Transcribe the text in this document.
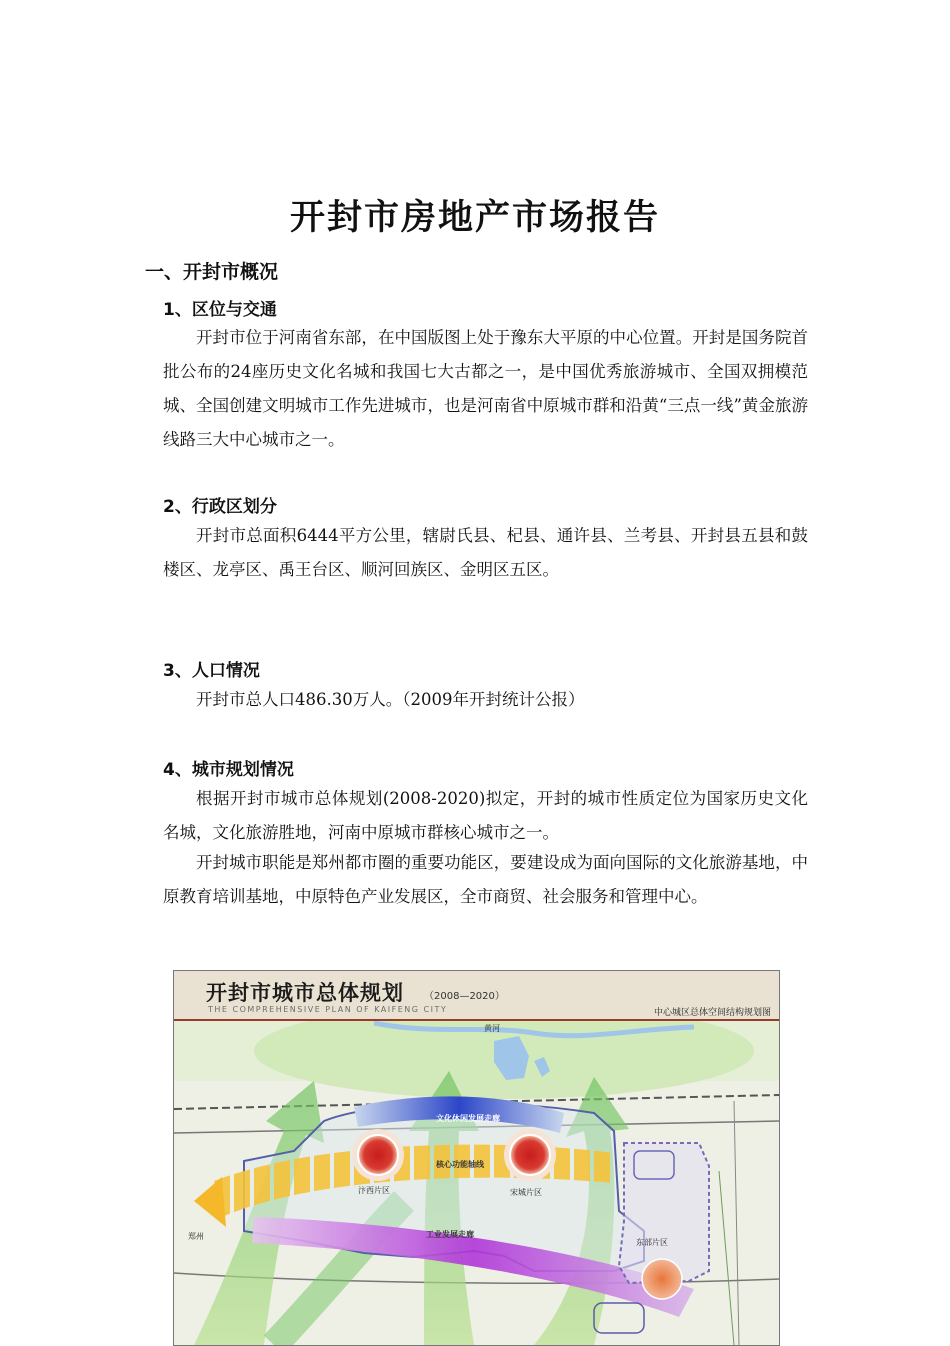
开封市房地产市场报告
一、开封市概况
1、区位与交通

开封市位于河南省东部，在中国版图上处于豫东大平原的中心位置。开封是国务院首批公布的24座历史文化名城和我国七大古都之一，是中国优秀旅游城市、全国双拥模范城、全国创建文明城市工作先进城市，也是河南省中原城市群和沿黄“三点一线”黄金旅游线路三大中心城市之一。

2、行政区划分

开封市总面积6444平方公里，辖尉氏县、杞县、通许县、兰考县、开封县五县和鼓楼区、龙亭区、禹王台区、顺河回族区、金明区五区。

3、人口情况

开封市总人口486.30万人。（2009年开封统计公报）

4、城市规划情况

根据开封市城市总体规划(2008-2020)拟定，开封的城市性质定位为国家历史文化名城，文化旅游胜地，河南中原城市群核心城市之一。

开封城市职能是郑州都市圈的重要功能区，要建设成为面向国际的文化旅游基地，中原教育培训基地，中原特色产业发展区，全市商贸、社会服务和管理中心。

开封市城市总体规划 （2008—2020）
THE COMPREHENSIVE PLAN OF KAIFENG CITY	中心城区总体空间结构规划图
黄河
文化休闲发展走廊
核心功能轴线
工业发展走廊
汴西片区	宋城片区
东部片区
郑州
